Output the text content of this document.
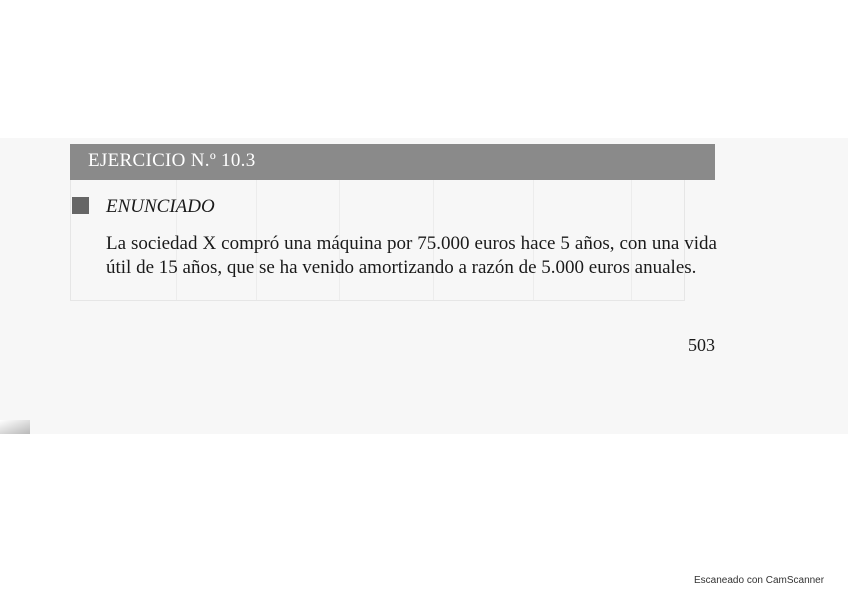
EJERCICIO N.º 10.3
ENUNCIADO
La sociedad X compró una máquina por 75.000 euros hace 5 años, con una vida útil de 15 años, que se ha venido amortizando a razón de 5.000 euros anuales.
503
Escaneado con CamScanner
